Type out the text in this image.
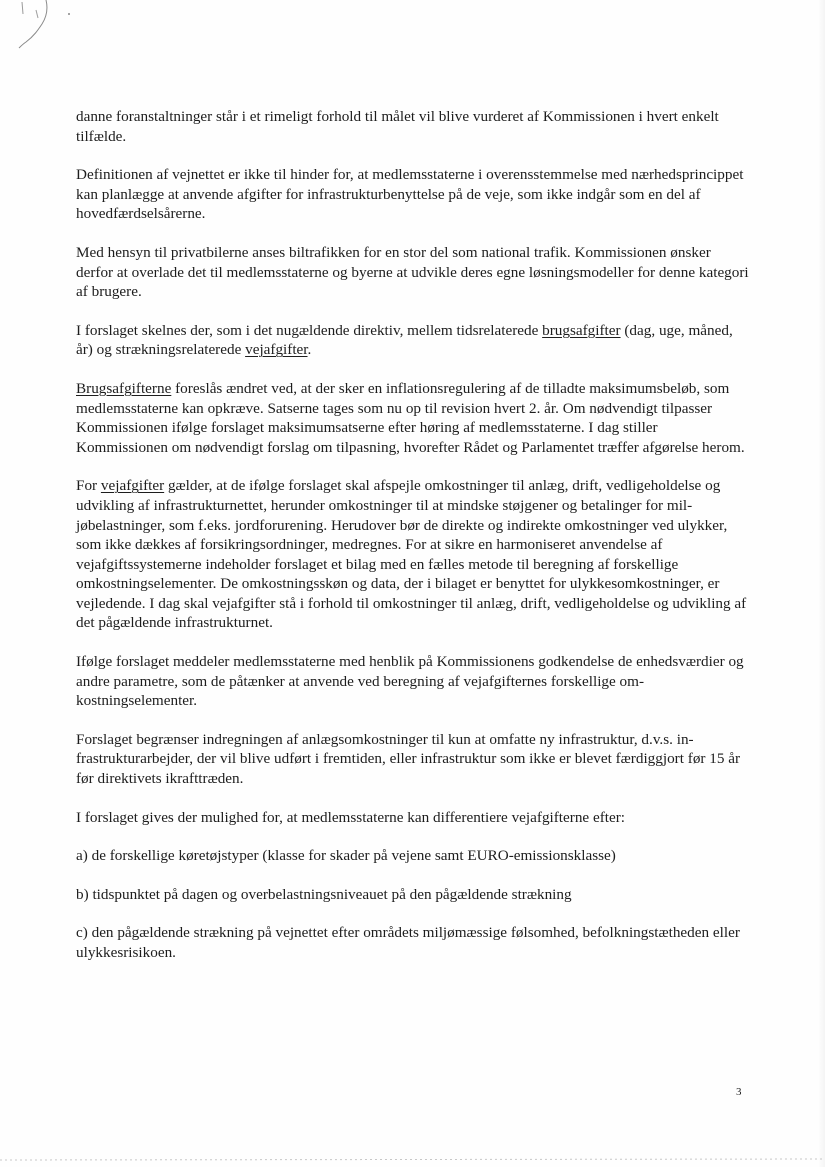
danne foranstaltninger står i et rimeligt forhold til målet vil blive vurderet af Kommissionen i hvert enkelt tilfælde.

Definitionen af vejnettet er ikke til hinder for, at medlemsstaterne i overensstemmelse med nærhedsprincippet kan planlægge at anvende afgifter for infrastrukturbenyttelse på de veje, som ikke indgår som en del af hovedfærdselsårerne.

Med hensyn til privatbilerne anses biltrafikken for en stor del som national trafik. Kommissionen ønsker derfor at overlade det til medlemsstaterne og byerne at udvikle deres egne løsningsmodeller for denne kategori af brugere.

I forslaget skelnes der, som i det nugældende direktiv, mellem tidsrelaterede brugsafgifter (dag, uge, måned, år) og strækningsrelaterede vejafgifter.

Brugsafgifterne foreslås ændret ved, at der sker en inflationsregulering af de tilladte maksimumsbeløb, som medlemsstaterne kan opkræve. Satserne tages som nu op til revision hvert 2. år. Om nødvendigt tilpasser Kommissionen ifølge forslaget maksimumsatserne efter høring af medlemsstaterne. I dag stiller Kommissionen om nødvendigt forslag om tilpasning, hvorefter Rådet og Parlamentet træffer afgørelse herom.

For vejafgifter gælder, at de ifølge forslaget skal afspejle omkostninger til anlæg, drift, vedligeholdelse og udvikling af infrastrukturnettet, herunder omkostninger til at mindske støjgener og betalinger for miljøbelastninger, som f.eks. jordforurening. Herudover bør de direkte og indirekte omkostninger ved ulykker, som ikke dækkes af forsikringsordninger, medregnes. For at sikre en harmoniseret anvendelse af vejafgiftssystemerne indeholder forslaget et bilag med en fælles metode til beregning af forskellige omkostningselementer. De omkostningsskøn og data, der i bilaget er benyttet for ulykkesomkostninger, er vejledende. I dag skal vejafgifter stå i forhold til omkostninger til anlæg, drift, vedligeholdelse og udvikling af det pågældende infrastrukturnet.

Ifølge forslaget meddeler medlemsstaterne med henblik på Kommissionens godkendelse de enhedsværdier og andre parametre, som de påtænker at anvende ved beregning af vejafgifternes forskellige omkostningselementer.

Forslaget begrænser indregningen af anlægsomkostninger til kun at omfatte ny infrastruktur, d.v.s. infrastrukturarbejder, der vil blive udført i fremtiden, eller infrastruktur som ikke er blevet færdiggjort før 15 år før direktivets ikrafttræden.

I forslaget gives der mulighed for, at medlemsstaterne kan differentiere vejafgifterne efter:

a) de forskellige køretøjstyper (klasse for skader på vejene samt EURO-emissionsklasse)

b) tidspunktet på dagen og overbelastningsniveauet på den pågældende strækning

c) den pågældende strækning på vejnettet efter områdets miljømæssige følsomhed, befolkningstætheden eller ulykkesrisikoen.

3
